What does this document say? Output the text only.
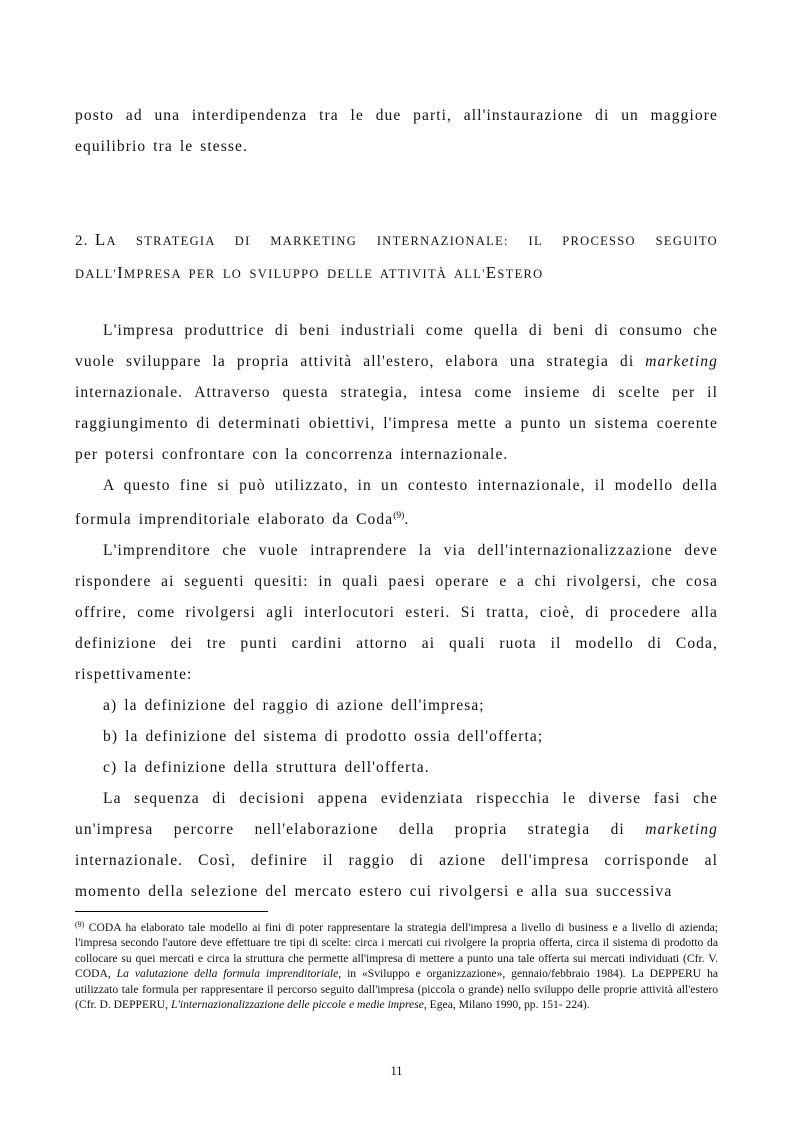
posto ad una interdipendenza tra le due parti, all'instaurazione di un maggiore equilibrio tra le stesse.

2. LA STRATEGIA DI MARKETING INTERNAZIONALE: IL PROCESSO SEGUITO DALL'IMPRESA PER LO SVILUPPO DELLE ATTIVITÀ ALL'ESTERO

L'impresa produttrice di beni industriali come quella di beni di consumo che vuole sviluppare la propria attività all'estero, elabora una strategia di marketing internazionale. Attraverso questa strategia, intesa come insieme di scelte per il raggiungimento di determinati obiettivi, l'impresa mette a punto un sistema coerente per potersi confrontare con la concorrenza internazionale.

A questo fine si può utilizzato, in un contesto internazionale, il modello della formula imprenditoriale elaborato da Coda$^{(9)}$.

L'imprenditore che vuole intraprendere la via dell'internazionalizzazione deve rispondere ai seguenti quesiti: in quali paesi operare e a chi rivolgersi, che cosa offrire, come rivolgersi agli interlocutori esteri. Si tratta, cioè, di procedere alla definizione dei tre punti cardini attorno ai quali ruota il modello di Coda, rispettivamente:

a) la definizione del raggio di azione dell'impresa;

b) la definizione del sistema di prodotto ossia dell'offerta;

c) la definizione della struttura dell'offerta.

La sequenza di decisioni appena evidenziata rispecchia le diverse fasi che un'impresa percorre nell'elaborazione della propria strategia di marketing internazionale. Così, definire il raggio di azione dell'impresa corrisponde al momento della selezione del mercato estero cui rivolgersi e alla sua successiva

$^{(9)}$ CODA ha elaborato tale modello ai fini di poter rappresentare la strategia dell'impresa a livello di business e a livello di azienda; l'impresa secondo l'autore deve effettuare tre tipi di scelte: circa i mercati cui rivolgere la propria offerta, circa il sistema di prodotto da collocare su quei mercati e circa la struttura che permette all'impresa di mettere a punto una tale offerta sui mercati individuati (Cfr. V. CODA, La valutazione della formula imprenditoriale, in «Sviluppo e organizzazione», gennaio/febbraio 1984). La DEPPERU ha utilizzato tale formula per rappresentare il percorso seguito dall'impresa (piccola o grande) nello sviluppo delle proprie attività all'estero (Cfr. D. DEPPERU, L'internazionalizzazione delle piccole e medie imprese, Egea, Milano 1990, pp. 151- 224).

11
